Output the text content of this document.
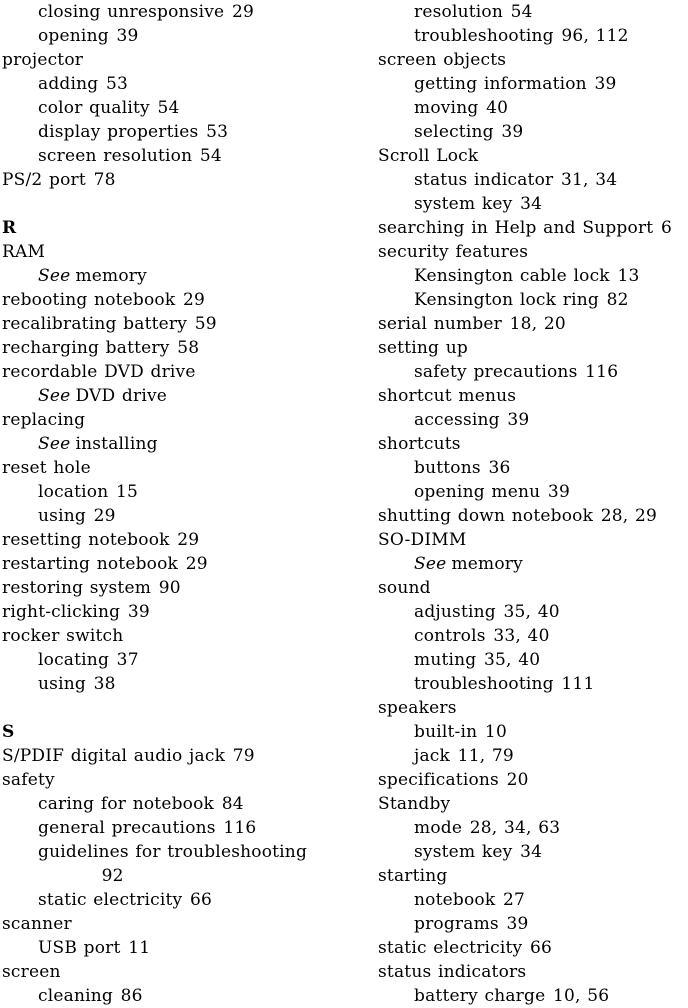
closing unresponsive 29
opening 39
projector
adding 53
color quality 54
display properties 53
screen resolution 54
PS/2 port 78
R
RAM
See memory
rebooting notebook 29
recalibrating battery 59
recharging battery 58
recordable DVD drive
See DVD drive
replacing
See installing
reset hole
location 15
using 29
resetting notebook 29
restarting notebook 29
restoring system 90
right-clicking 39
rocker switch
locating 37
using 38
S
S/PDIF digital audio jack 79
safety
caring for notebook 84
general precautions 116
guidelines for troubleshooting
92
static electricity 66
scanner
USB port 11
screen
cleaning 86
resolution 54
troubleshooting 96, 112
screen objects
getting information 39
moving 40
selecting 39
Scroll Lock
status indicator 31, 34
system key 34
searching in Help and Support 6
security features
Kensington cable lock 13
Kensington lock ring 82
serial number 18, 20
setting up
safety precautions 116
shortcut menus
accessing 39
shortcuts
buttons 36
opening menu 39
shutting down notebook 28, 29
SO-DIMM
See memory
sound
adjusting 35, 40
controls 33, 40
muting 35, 40
troubleshooting 111
speakers
built-in 10
jack 11, 79
specifications 20
Standby
mode 28, 34, 63
system key 34
starting
notebook 27
programs 39
static electricity 66
status indicators
battery charge 10, 56
